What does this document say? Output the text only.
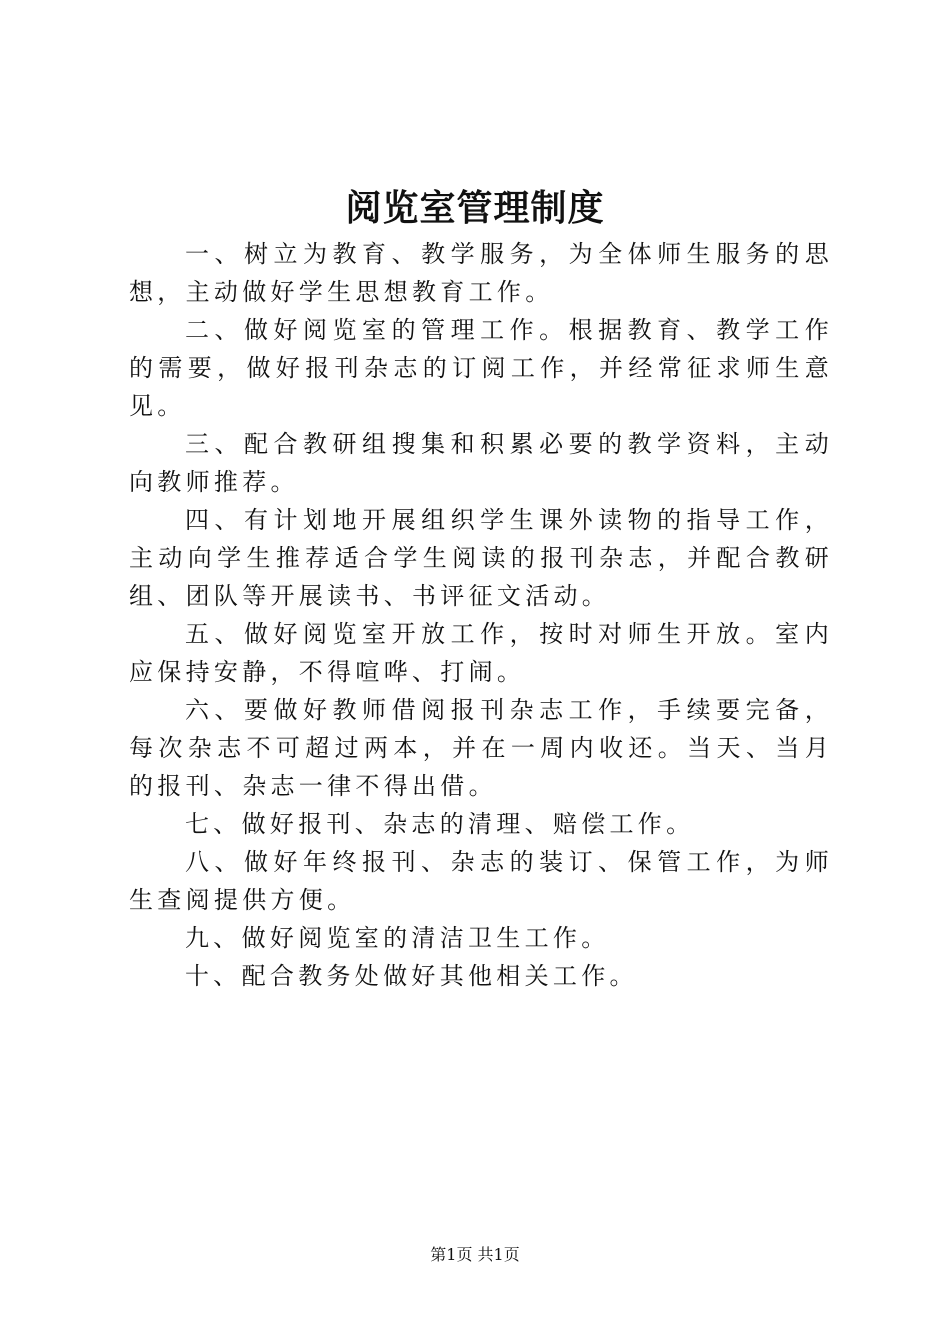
阅览室管理制度

一、树立为教育、教学服务，为全体师生服务的思想，主动做好学生思想教育工作。

二、做好阅览室的管理工作。根据教育、教学工作的需要，做好报刊杂志的订阅工作，并经常征求师生意见。

三、配合教研组搜集和积累必要的教学资料，主动向教师推荐。

四、有计划地开展组织学生课外读物的指导工作，主动向学生推荐适合学生阅读的报刊杂志，并配合教研组、团队等开展读书、书评征文活动。

五、做好阅览室开放工作，按时对师生开放。室内应保持安静，不得喧哗、打闹。

六、要做好教师借阅报刊杂志工作，手续要完备，每次杂志不可超过两本，并在一周内收还。当天、当月的报刊、杂志一律不得出借。

七、做好报刊、杂志的清理、赔偿工作。

八、做好年终报刊、杂志的装订、保管工作，为师生查阅提供方便。

九、做好阅览室的清洁卫生工作。

十、配合教务处做好其他相关工作。

第1页 共1页
